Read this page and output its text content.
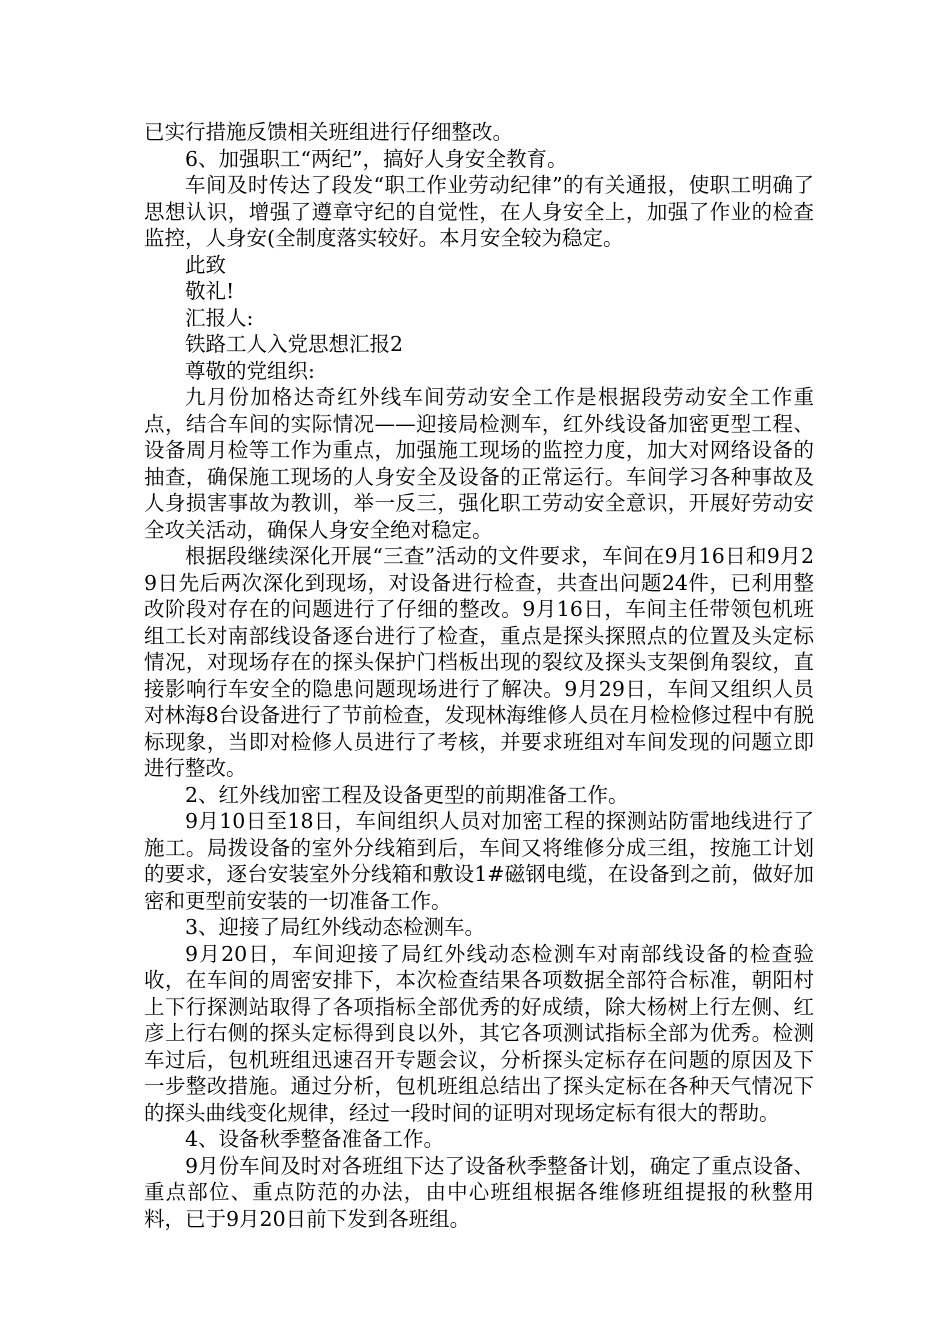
已实行措施反馈相关班组进行仔细整改。

6、加强职工“两纪”，搞好人身安全教育。

车间及时传达了段发“职工作业劳动纪律”的有关通报，使职工明确了思想认识，增强了遵章守纪的自觉性，在人身安全上，加强了作业的检查监控，人身安(全制度落实较好。本月安全较为稳定。

此致

敬礼!

汇报人:

铁路工人入党思想汇报2

尊敬的党组织:

九月份加格达奇红外线车间劳动安全工作是根据段劳动安全工作重点，结合车间的实际情况——迎接局检测车，红外线设备加密更型工程、设备周月检等工作为重点，加强施工现场的监控力度，加大对网络设备的抽查，确保施工现场的人身安全及设备的正常运行。车间学习各种事故及人身损害事故为教训，举一反三，强化职工劳动安全意识，开展好劳动安全攻关活动，确保人身安全绝对稳定。

根据段继续深化开展“三查”活动的文件要求，车间在9月16日和9月29日先后两次深化到现场，对设备进行检查，共查出问题24件，已利用整改阶段对存在的问题进行了仔细的整改。9月16日，车间主任带领包机班组工长对南部线设备逐台进行了检查，重点是探头探照点的位置及头定标情况，对现场存在的探头保护门档板出现的裂纹及探头支架倒角裂纹，直接影响行车安全的隐患问题现场进行了解决。9月29日，车间又组织人员对林海8台设备进行了节前检查，发现林海维修人员在月检检修过程中有脱标现象，当即对检修人员进行了考核，并要求班组对车间发现的问题立即进行整改。

2、红外线加密工程及设备更型的前期准备工作。

9月10日至18日，车间组织人员对加密工程的探测站防雷地线进行了施工。局拨设备的室外分线箱到后，车间又将维修分成三组，按施工计划的要求，逐台安装室外分线箱和敷设1#磁钢电缆，在设备到之前，做好加密和更型前安装的一切准备工作。

3、迎接了局红外线动态检测车。

9月20日，车间迎接了局红外线动态检测车对南部线设备的检查验收，在车间的周密安排下，本次检查结果各项数据全部符合标准，朝阳村上下行探测站取得了各项指标全部优秀的好成绩，除大杨树上行左侧、红彦上行右侧的探头定标得到良以外，其它各项测试指标全部为优秀。检测车过后，包机班组迅速召开专题会议，分析探头定标存在问题的原因及下一步整改措施。通过分析，包机班组总结出了探头定标在各种天气情况下的探头曲线变化规律，经过一段时间的证明对现场定标有很大的帮助。

4、设备秋季整备准备工作。

9月份车间及时对各班组下达了设备秋季整备计划，确定了重点设备、重点部位、重点防范的办法，由中心班组根据各维修班组提报的秋整用料，已于9月20日前下发到各班组。
